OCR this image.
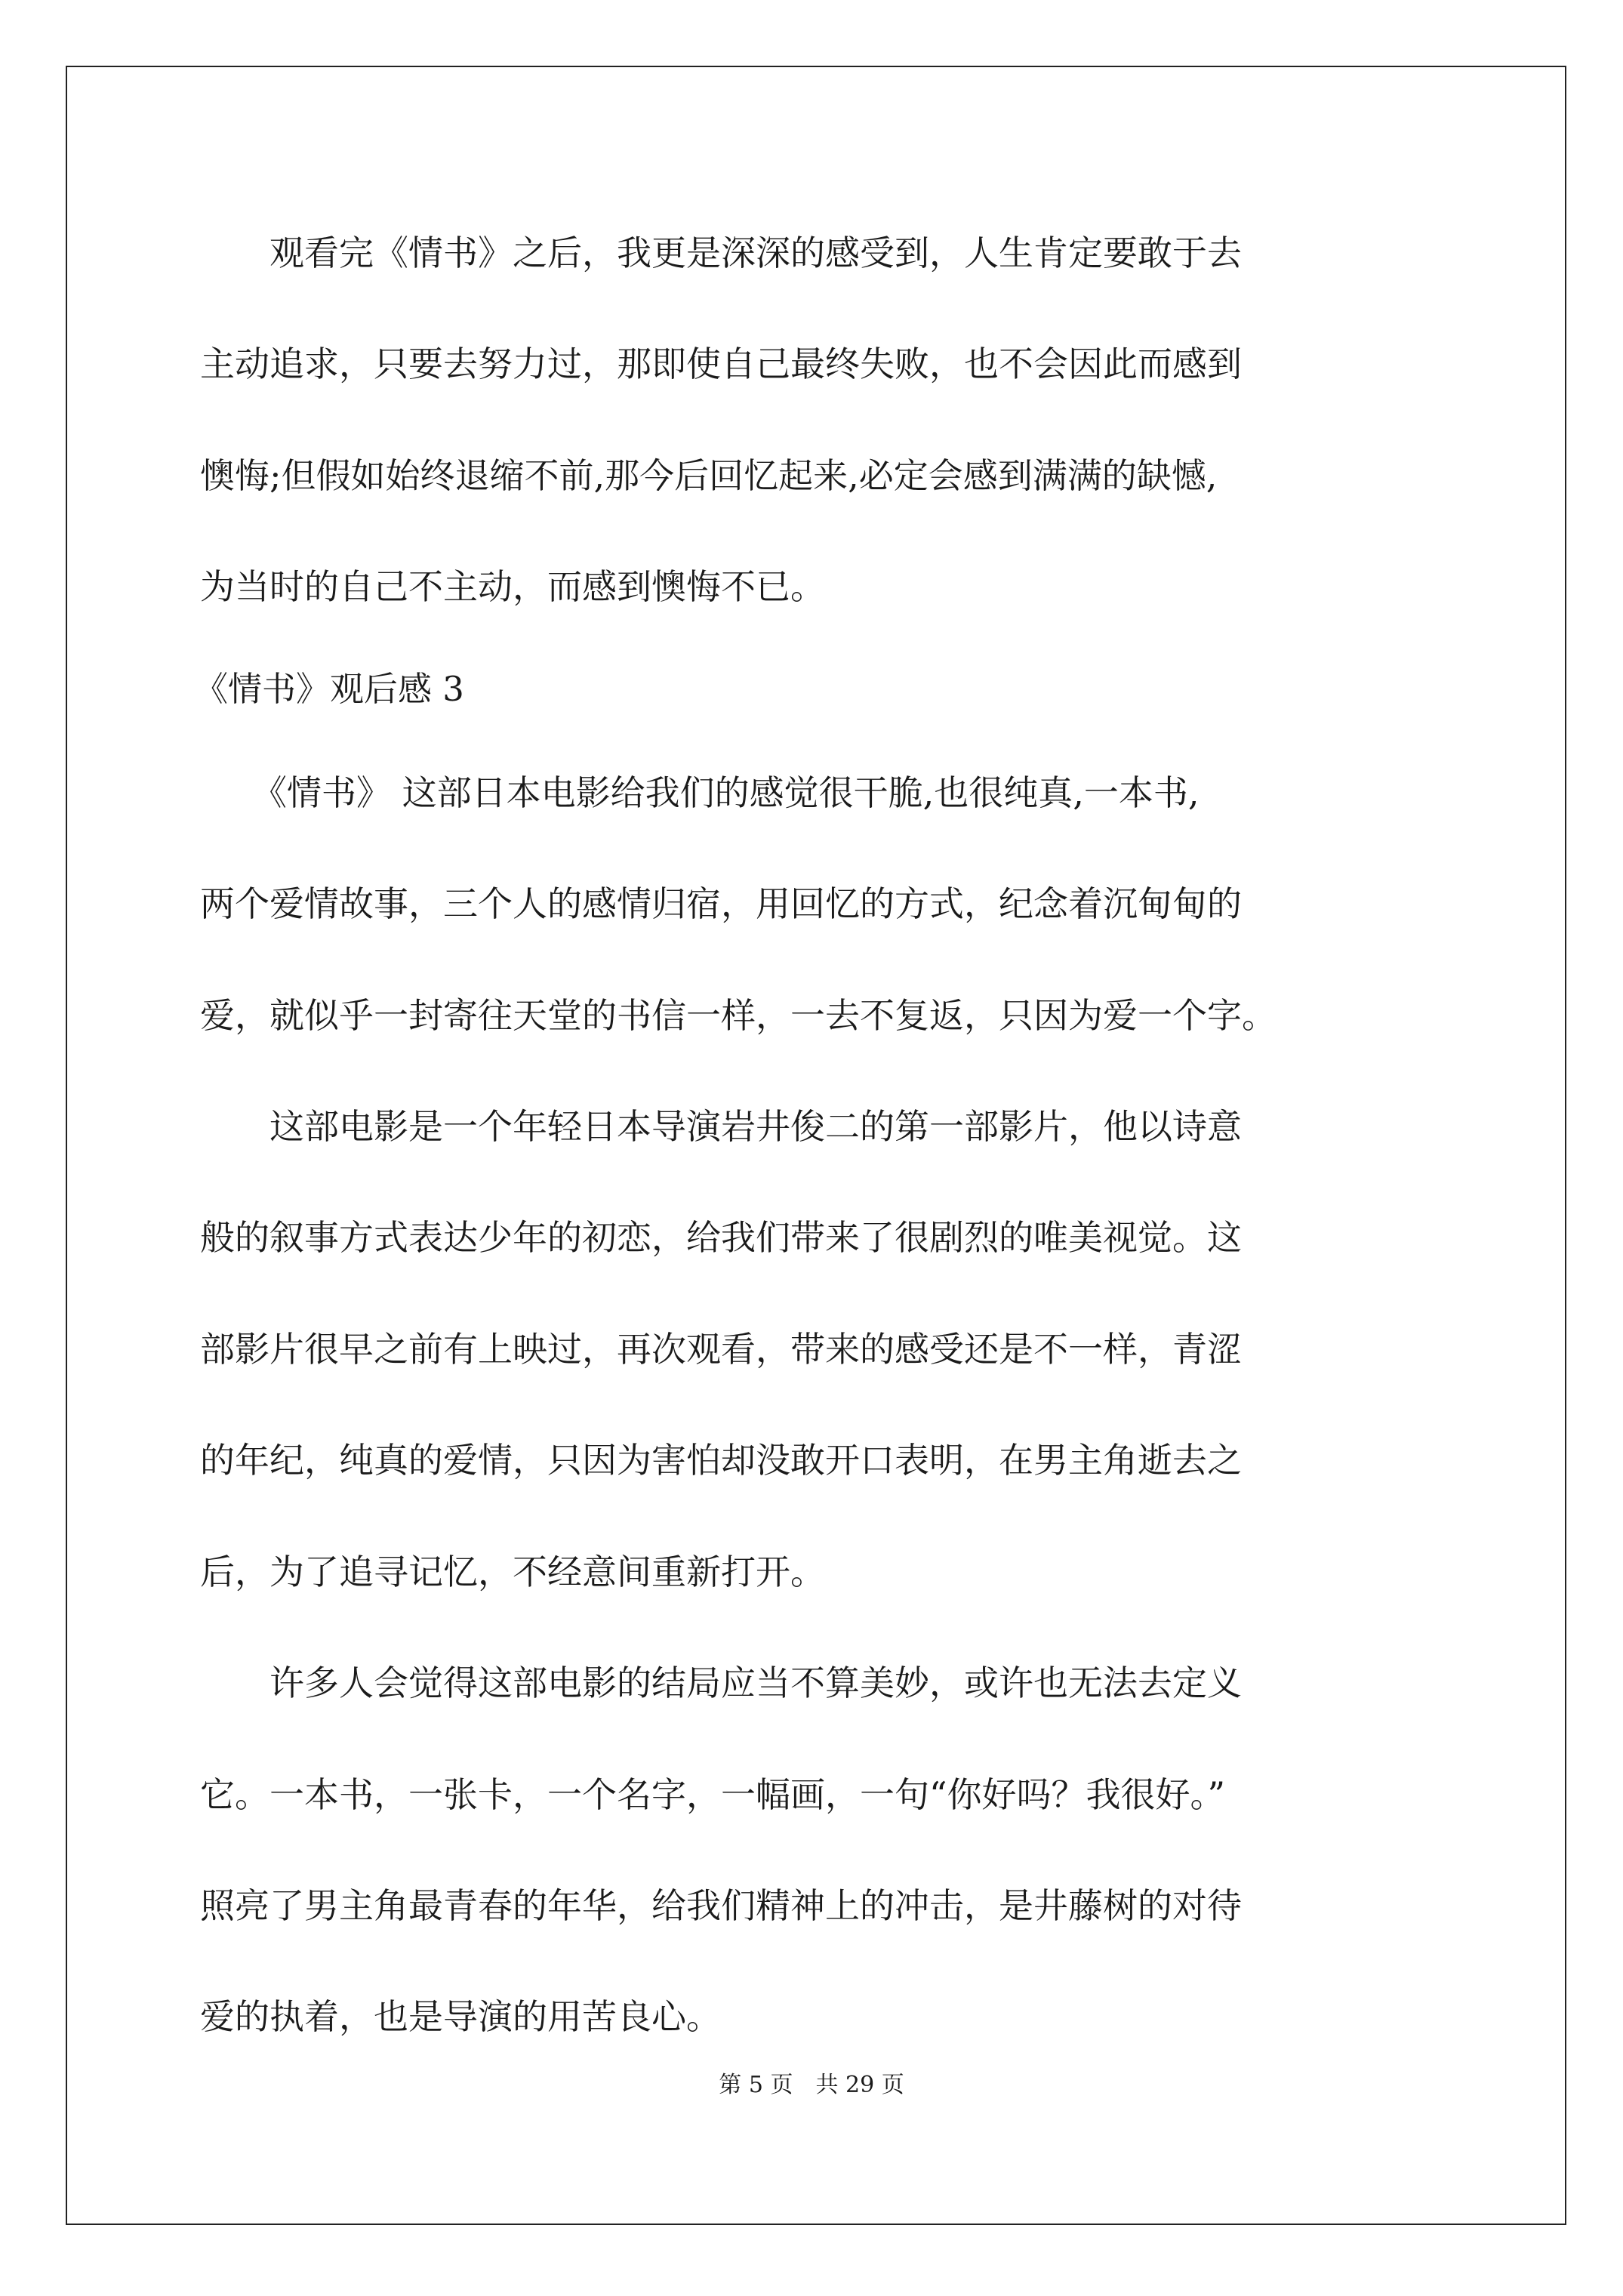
　　观看完《情书》之后，我更是深深的感受到，人生肯定要敢于去
主动追求，只要去努力过，那即使自己最终失败，也不会因此而感到
懊悔;但假如始终退缩不前,那今后回忆起来,必定会感到满满的缺憾,
为当时的自己不主动，而感到懊悔不已。
《情书》观后感 3
　　《情书》 这部日本电影给我们的感觉很干脆,也很纯真,一本书,
两个爱情故事，三个人的感情归宿，用回忆的方式，纪念着沉甸甸的
爱，就似乎一封寄往天堂的书信一样，一去不复返，只因为爱一个字。
　　这部电影是一个年轻日本导演岩井俊二的第一部影片，他以诗意
般的叙事方式表达少年的初恋，给我们带来了很剧烈的唯美视觉。这
部影片很早之前有上映过，再次观看，带来的感受还是不一样，青涩
的年纪，纯真的爱情，只因为害怕却没敢开口表明，在男主角逝去之
后，为了追寻记忆，不经意间重新打开。
　　许多人会觉得这部电影的结局应当不算美妙，或许也无法去定义
它。一本书，一张卡，一个名字，一幅画，一句“你好吗？我很好。”
照亮了男主角最青春的年华，给我们精神上的冲击，是井藤树的对待
爱的执着，也是导演的用苦良心。
第 5 页　共 29 页
